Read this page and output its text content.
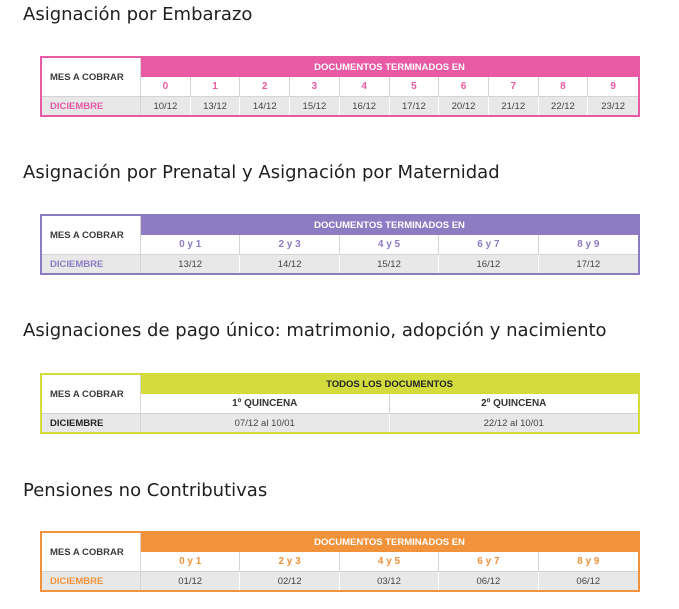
Asignación por Embarazo
MES A COBRAR
DOCUMENTOS TERMINADOS EN
0	1	2	3	4	5	6	7	8	9
DICIEMBRE	10/12	13/12	14/12	15/12	16/12	17/12	20/12	21/12	22/12	23/12
Asignación por Prenatal y Asignación por Maternidad
MES A COBRAR
DOCUMENTOS TERMINADOS EN
0 y 1	2 y 3	4 y 5	6 y 7	8 y 9
DICIEMBRE	13/12	14/12	15/12	16/12	17/12
Asignaciones de pago único: matrimonio, adopción y nacimiento
MES A COBRAR
TODOS LOS DOCUMENTOS
1º QUINCENA	2º QUINCENA
DICIEMBRE	07/12 al 10/01	22/12 al 10/01
Pensiones no Contributivas
MES A COBRAR
DOCUMENTOS TERMINADOS EN
0 y 1	2 y 3	4 y 5	6 y 7	8 y 9
DICIEMBRE	01/12	02/12	03/12	06/12	06/12
